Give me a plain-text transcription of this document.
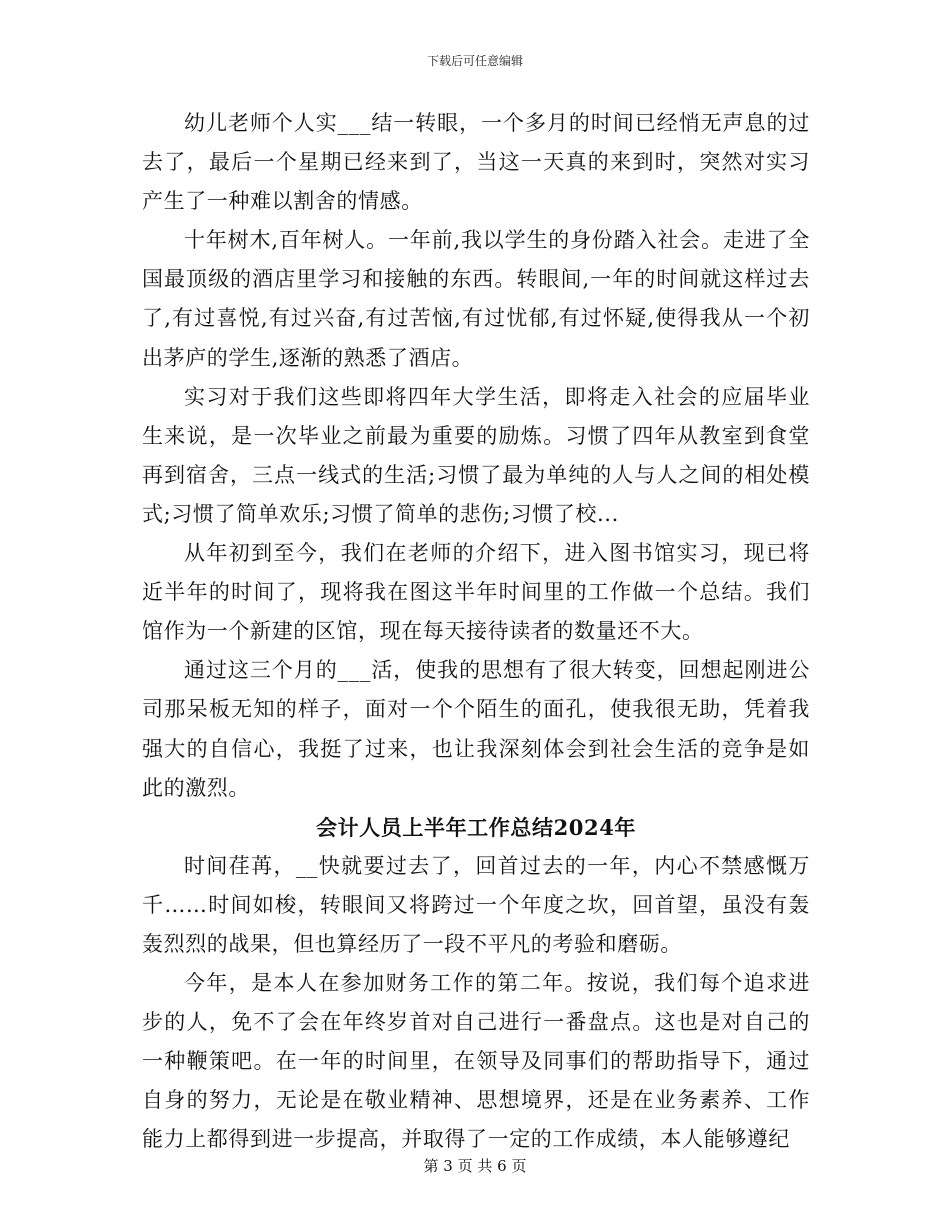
下载后可任意编辑

幼儿老师个人实___结一转眼，一个多月的时间已经悄无声息的过去了，最后一个星期已经来到了，当这一天真的来到时，突然对实习产生了一种难以割舍的情感。

十年树木,百年树人。一年前,我以学生的身份踏入社会。走进了全国最顶级的酒店里学习和接触的东西。转眼间,一年的时间就这样过去了,有过喜悦,有过兴奋,有过苦恼,有过忧郁,有过怀疑,使得我从一个初出茅庐的学生,逐渐的熟悉了酒店。

实习对于我们这些即将四年大学生活，即将走入社会的应届毕业生来说，是一次毕业之前最为重要的励炼。习惯了四年从教室到食堂再到宿舍，三点一线式的生活;习惯了最为单纯的人与人之间的相处模式;习惯了简单欢乐;习惯了简单的悲伤;习惯了校...

从年初到至今，我们在老师的介绍下，进入图书馆实习，现已将近半年的时间了，现将我在图这半年时间里的工作做一个总结。我们馆作为一个新建的区馆，现在每天接待读者的数量还不大。

通过这三个月的___活，使我的思想有了很大转变，回想起刚进公司那呆板无知的样子，面对一个个陌生的面孔，使我很无助，凭着我强大的自信心，我挺了过来，也让我深刻体会到社会生活的竞争是如此的激烈。

会计人员上半年工作总结2024年

时间荏苒，__快就要过去了，回首过去的一年，内心不禁感慨万千……时间如梭，转眼间又将跨过一个年度之坎，回首望，虽没有轰轰烈烈的战果，但也算经历了一段不平凡的考验和磨砺。

今年，是本人在参加财务工作的第二年。按说，我们每个追求进步的人，免不了会在年终岁首对自己进行一番盘点。这也是对自己的一种鞭策吧。在一年的时间里，在领导及同事们的帮助指导下，通过自身的努力，无论是在敬业精神、思想境界，还是在业务素养、工作能力上都得到进一步提高，并取得了一定的工作成绩，本人能够遵纪

第 3 页 共 6 页
